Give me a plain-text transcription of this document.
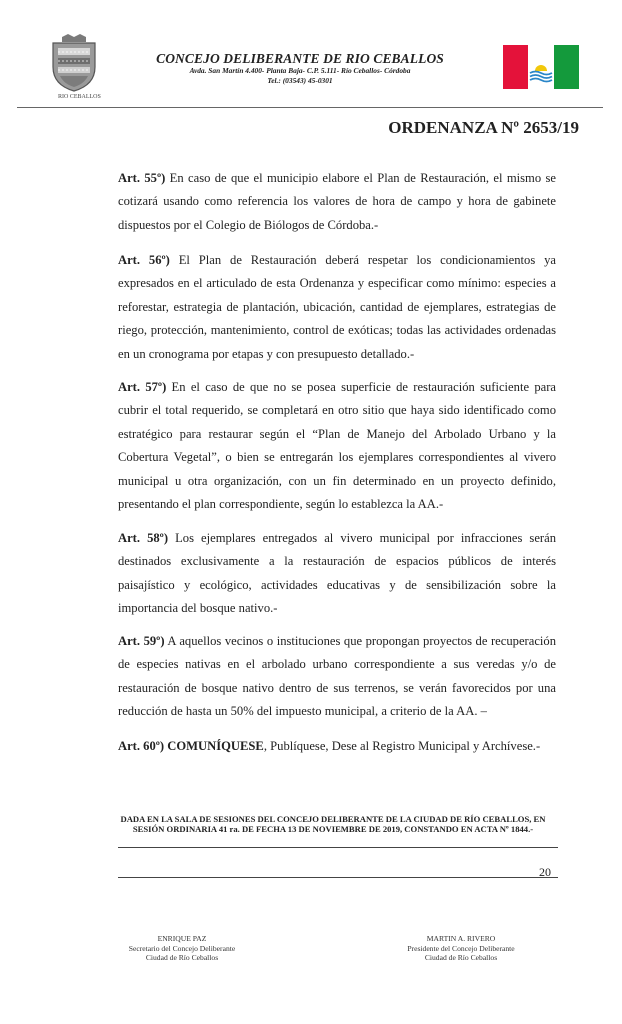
RIO CEBALLOS
CONCEJO DELIBERANTE DE RIO CEBALLOS
Avda. San Martín 4.400- Planta Baja- C.P. 5.111- Río Ceballos- Córdoba
Tel.: (03543) 45-0301
ORDENANZA Nº 2653/19

Art. 55º) En caso de que el municipio elabore el Plan de Restauración, el mismo se cotizará usando como referencia los valores de hora de campo y hora de gabinete dispuestos por el Colegio de Biólogos de Córdoba.-

Art. 56º) El Plan de Restauración deberá respetar los condicionamientos ya expresados en el articulado de esta Ordenanza y especificar como mínimo: especies a reforestar, estrategia de plantación, ubicación, cantidad de ejemplares, estrategias de riego, protección, mantenimiento, control de exóticas; todas las actividades ordenadas en un cronograma por etapas y con presupuesto detallado.-

Art. 57º) En el caso de que no se posea superficie de restauración suficiente para cubrir el total requerido, se completará en otro sitio que haya sido identificado como estratégico para restaurar según el “Plan de Manejo del Arbolado Urbano y la Cobertura Vegetal”, o bien se entregarán los ejemplares correspondientes al vivero municipal u otra organización, con un fin determinado en un proyecto definido, presentando el plan correspondiente, según lo establezca la AA.-

Art. 58º) Los ejemplares entregados al vivero municipal por infracciones serán destinados exclusivamente a la restauración de espacios públicos de interés paisajístico y ecológico, actividades educativas y de sensibilización sobre la importancia del bosque nativo.-

Art. 59º) A aquellos vecinos o instituciones que propongan proyectos de recuperación de especies nativas en el arbolado urbano correspondiente a sus veredas y/o de restauración de bosque nativo dentro de sus terrenos, se verán favorecidos por una reducción de hasta un 50% del impuesto municipal, a criterio de la AA. –

Art. 60º) COMUNÍQUESE, Publíquese, Dese al Registro Municipal y Archívese.-

DADA EN LA SALA DE SESIONES DEL CONCEJO DELIBERANTE DE LA CIUDAD DE RÍO CEBALLOS, EN SESIÓN ORDINARIA 41 ra. DE FECHA 13 DE NOVIEMBRE DE 2019, CONSTANDO EN ACTA Nº 1844.-

20
ENRIQUE PAZ
Secretario del Concejo Deliberante
Ciudad de Río Ceballos
MARTIN A. RIVERO
Presidente del Concejo Deliberante
Ciudad de Río Ceballos
